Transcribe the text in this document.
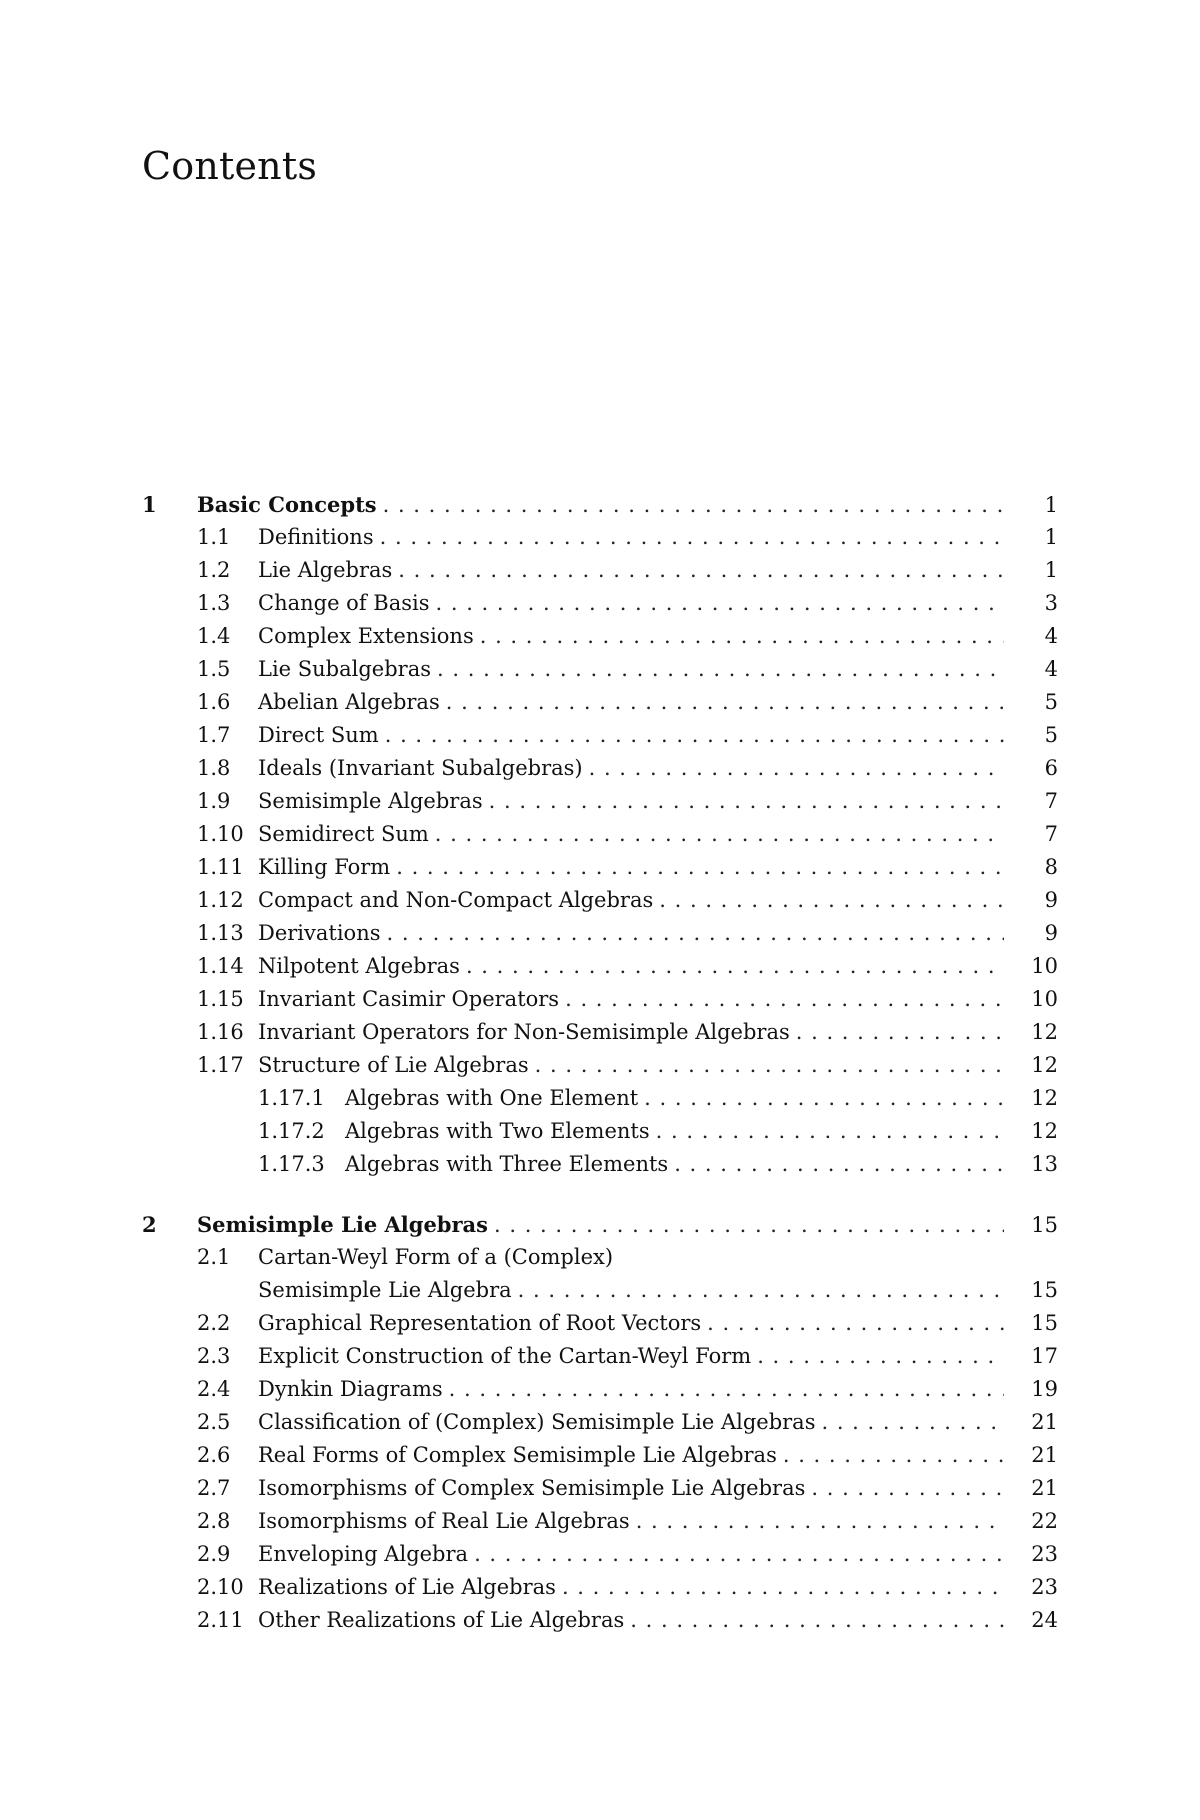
Contents
1	Basic Concepts . . .	1
1.1	Definitions . . .	1
1.2	Lie Algebras . . .	1
1.3	Change of Basis . . .	3
1.4	Complex Extensions . . .	4
1.5	Lie Subalgebras . . .	4
1.6	Abelian Algebras . . .	5
1.7	Direct Sum . . .	5
1.8	Ideals (Invariant Subalgebras) . . .	6
1.9	Semisimple Algebras . . .	7
1.10 Semidirect Sum . . .	7
1.11 Killing Form . . .	8
1.12 Compact and Non-Compact Algebras . . .	9
1.13 Derivations . . .	9
1.14 Nilpotent Algebras . . .	10
1.15 Invariant Casimir Operators . . .	10
1.16 Invariant Operators for Non-Semisimple Algebras . . .	12
1.17 Structure of Lie Algebras . . .	12
1.17.1 Algebras with One Element . . .	12
1.17.2 Algebras with Two Elements . . .	12
1.17.3 Algebras with Three Elements . . .	13
2	Semisimple Lie Algebras . . .	15
2.1	Cartan-Weyl Form of a (Complex)
Semisimple Lie Algebra . . .	15
2.2	Graphical Representation of Root Vectors . . .	15
2.3	Explicit Construction of the Cartan-Weyl Form . . .	17
2.4	Dynkin Diagrams . . .	19
2.5	Classification of (Complex) Semisimple Lie Algebras . . .	21
2.6	Real Forms of Complex Semisimple Lie Algebras . . .	21
2.7	Isomorphisms of Complex Semisimple Lie Algebras . . .	21
2.8	Isomorphisms of Real Lie Algebras . . .	22
2.9	Enveloping Algebra . . .	23
2.10 Realizations of Lie Algebras . . .	23
2.11 Other Realizations of Lie Algebras . . .	24
